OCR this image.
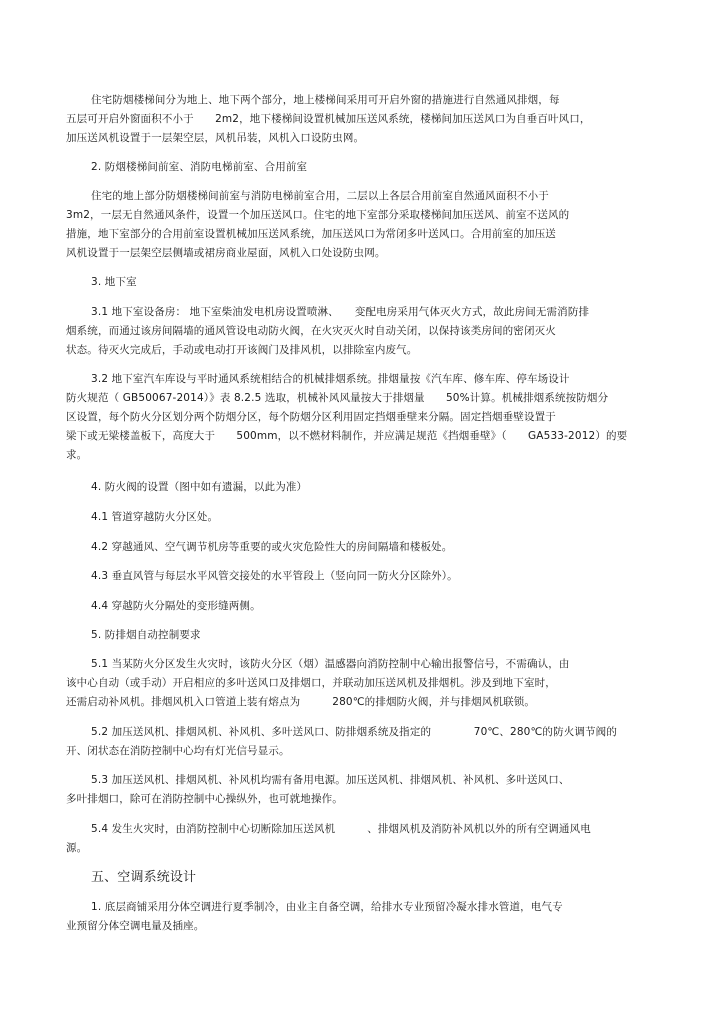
住宅防烟楼梯间分为地上、地下两个部分，地上楼梯间采用可开启外窗的措施进行自然通风排烟，每
五层可开启外窗面积不小于　　2m2，地下楼梯间设置机械加压送风系统，楼梯间加压送风口为自垂百叶风口，
加压送风机设置于一层架空层，风机吊装，风机入口设防虫网。
2. 防烟楼梯间前室、消防电梯前室、合用前室
住宅的地上部分防烟楼梯间前室与消防电梯前室合用，二层以上各层合用前室自然通风面积不小于
3m2，一层无自然通风条件，设置一个加压送风口。住宅的地下室部分采取楼梯间加压送风、前室不送风的
措施，地下室部分的合用前室设置机械加压送风系统，加压送风口为常闭多叶送风口。合用前室的加压送
风机设置于一层架空层侧墙或裙房商业屋面，风机入口处设防虫网。
3. 地下室
3.1 地下室设备房： 地下室柴油发电机房设置喷淋、　　变配电房采用气体灭火方式，故此房间无需消防排
烟系统，而通过该房间隔墙的通风管设电动防火阀，在火灾灭火时自动关闭，以保持该类房间的密闭灭火
状态。待灭火完成后，手动或电动打开该阀门及排风机，以排除室内废气。
3.2 地下室汽车库设与平时通风系统相结合的机械排烟系统。排烟量按《汽车库、修车库、停车场设计
防火规范（ GB50067-2014）》表 8.2.5 选取，机械补风风量按大于排烟量　　50%计算。机械排烟系统按防烟分
区设置，每个防火分区划分两个防烟分区，每个防烟分区利用固定挡烟垂壁来分隔。固定挡烟垂壁设置于
梁下或无梁楼盖板下，高度大于　　500mm，以不燃材料制作，并应满足规范《挡烟垂壁》（　　GA533-2012）的要
求。
4. 防火阀的设置（图中如有遗漏，以此为准）
4.1 管道穿越防火分区处。
4.2 穿越通风、空气调节机房等重要的或火灾危险性大的房间隔墙和楼板处。
4.3 垂直风管与每层水平风管交接处的水平管段上（竖向同一防火分区除外）。
4.4 穿越防火分隔处的变形缝两侧。
5. 防排烟自动控制要求
5.1 当某防火分区发生火灾时，该防火分区（烟）温感器向消防控制中心输出报警信号，不需确认，由
该中心自动（或手动）开启相应的多叶送风口及排烟口，并联动加压送风机及排烟机。涉及到地下室时，
还需启动补风机。排烟风机入口管道上装有熔点为　　　280℃的排烟防火阀，并与排烟风机联锁。
5.2 加压送风机、排烟风机、补风机、多叶送风口、防排烟系统及指定的　　　　70℃、280℃的防火调节阀的
开、闭状态在消防控制中心均有灯光信号显示。
5.3 加压送风机、排烟风机、补风机均需有备用电源。加压送风机、排烟风机、补风机、多叶送风口、
多叶排烟口，除可在消防控制中心操纵外，也可就地操作。
5.4 发生火灾时，由消防控制中心切断除加压送风机　　　、排烟风机及消防补风机以外的所有空调通风电
源。
五、空调系统设计
1. 底层商铺采用分体空调进行夏季制冷，由业主自备空调，给排水专业预留冷凝水排水管道，电气专
业预留分体空调电量及插座。
